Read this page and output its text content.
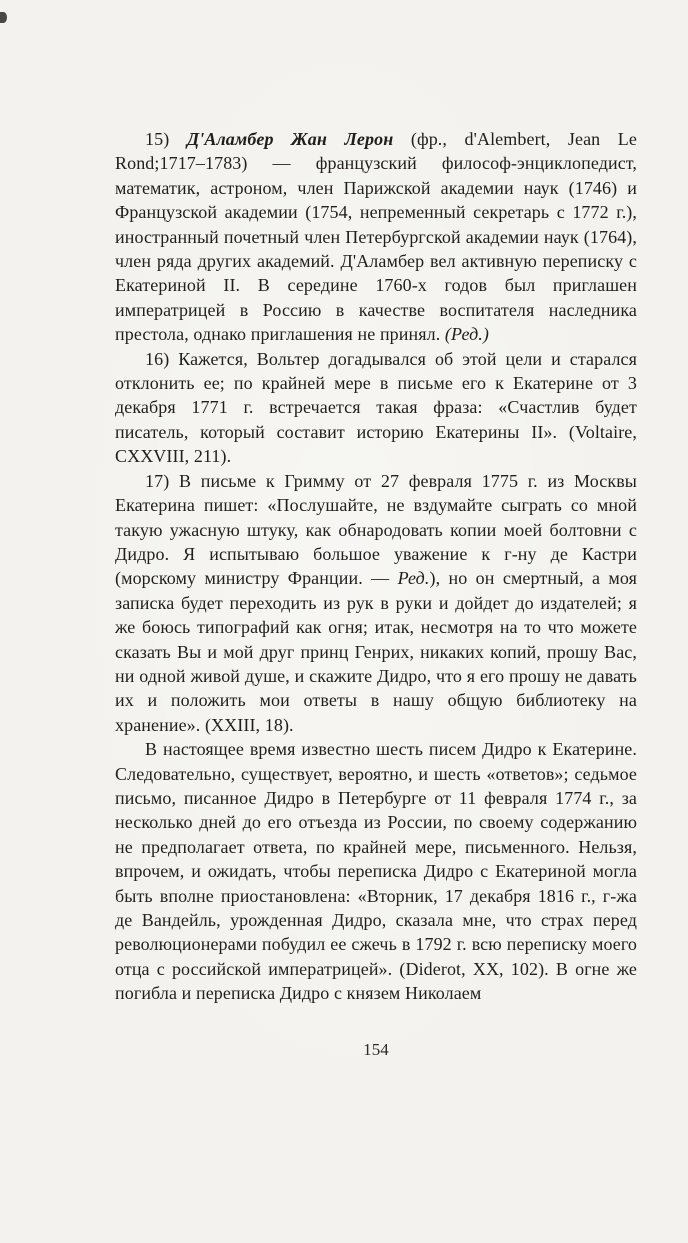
15) Д'Аламбер Жан Лерон (фр., d'Alembert, Jean Le Rond;1717–1783) — французский философ-энциклопедист, математик, астроном, член Парижской академии наук (1746) и Французской академии (1754, непременный секретарь с 1772 г.), иностранный почетный член Петербургской академии наук (1764), член ряда других академий. Д'Аламбер вел активную переписку с Екатериной II. В середине 1760-х годов был приглашен императрицей в Россию в качестве воспитателя наследника престола, однако приглашения не принял. (Ред.)

16) Кажется, Вольтер догадывался об этой цели и старался отклонить ее; по крайней мере в письме его к Екатерине от 3 декабря 1771 г. встречается такая фраза: «Счастлив будет писатель, который составит историю Екатерины II». (Voltaire, CXXVIII, 211).

17) В письме к Гримму от 27 февраля 1775 г. из Москвы Екатерина пишет: «Послушайте, не вздумайте сыграть со мной такую ужасную штуку, как обнародовать копии моей болтовни с Дидро. Я испытываю большое уважение к г-ну де Кастри (морскому министру Франции. — Ред.), но он смертный, а моя записка будет переходить из рук в руки и дойдет до издателей; я же боюсь типографий как огня; итак, несмотря на то что можете сказать Вы и мой друг принц Генрих, никаких копий, прошу Вас, ни одной живой душе, и скажите Дидро, что я его прошу не давать их и положить мои ответы в нашу общую библиотеку на хранение». (XXIII, 18).

В настоящее время известно шесть писем Дидро к Екатерине. Следовательно, существует, вероятно, и шесть «ответов»; седьмое письмо, писанное Дидро в Петербурге от 11 февраля 1774 г., за несколько дней до его отъезда из России, по своему содержанию не предполагает ответа, по крайней мере, письменного. Нельзя, впрочем, и ожидать, чтобы переписка Дидро с Екатериной могла быть вполне приостановлена: «Вторник, 17 декабря 1816 г., г-жа де Вандейль, урожденная Дидро, сказала мне, что страх перед революционерами побудил ее сжечь в 1792 г. всю переписку моего отца с российской императрицей». (Diderot, XX, 102). В огне же погибла и переписка Дидро с князем Николаем

154
